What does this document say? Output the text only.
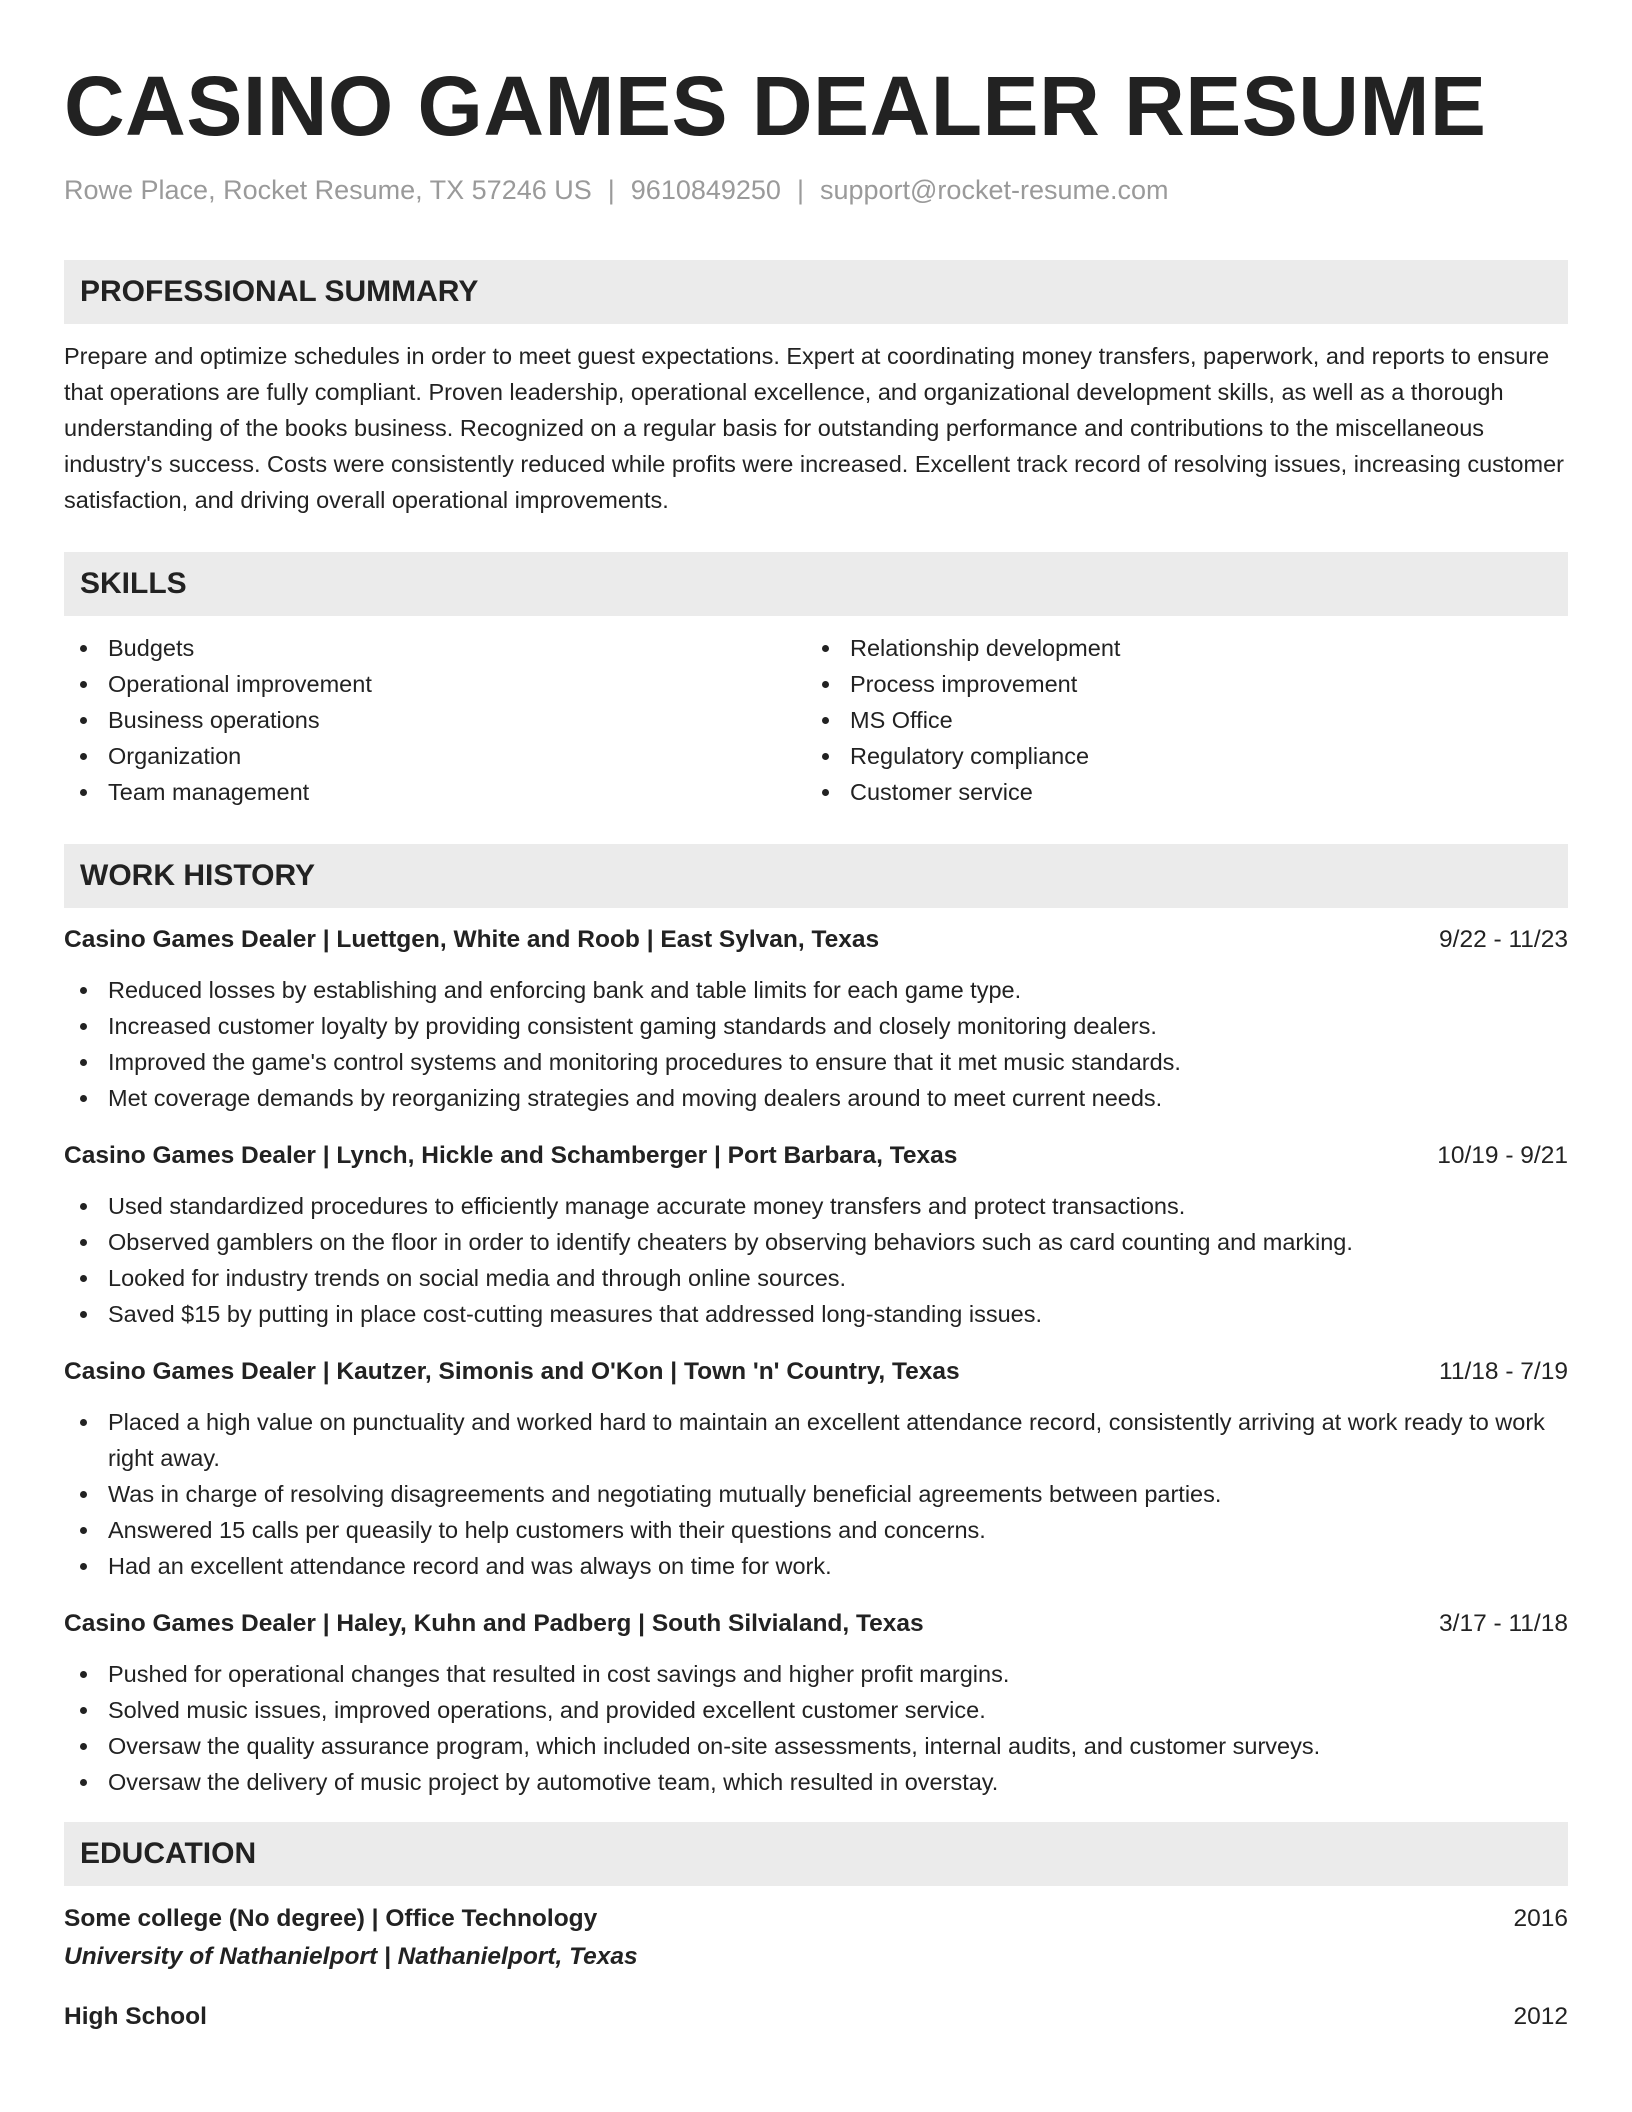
CASINO GAMES DEALER RESUME
Rowe Place, Rocket Resume, TX 57246 US | 9610849250 | support@rocket-resume.com
PROFESSIONAL SUMMARY

Prepare and optimize schedules in order to meet guest expectations. Expert at coordinating money transfers, paperwork, and reports to ensure that operations are fully compliant. Proven leadership, operational excellence, and organizational development skills, as well as a thorough understanding of the books business. Recognized on a regular basis for outstanding performance and contributions to the miscellaneous industry's success. Costs were consistently reduced while profits were increased. Excellent track record of resolving issues, increasing customer satisfaction, and driving overall operational improvements.

SKILLS
Budgets
Operational improvement
Business operations
Organization
Team management
Relationship development
Process improvement
MS Office
Regulatory compliance
Customer service
WORK HISTORY
Casino Games Dealer | Luettgen, White and Roob | East Sylvan, Texas	9/22 - 11/23
Reduced losses by establishing and enforcing bank and table limits for each game type.
Increased customer loyalty by providing consistent gaming standards and closely monitoring dealers.
Improved the game's control systems and monitoring procedures to ensure that it met music standards.
Met coverage demands by reorganizing strategies and moving dealers around to meet current needs.
Casino Games Dealer | Lynch, Hickle and Schamberger | Port Barbara, Texas	10/19 - 9/21
Used standardized procedures to efficiently manage accurate money transfers and protect transactions.
Observed gamblers on the floor in order to identify cheaters by observing behaviors such as card counting and marking.
Looked for industry trends on social media and through online sources.
Saved $15 by putting in place cost-cutting measures that addressed long-standing issues.
Casino Games Dealer | Kautzer, Simonis and O'Kon | Town 'n' Country, Texas	11/18 - 7/19
Placed a high value on punctuality and worked hard to maintain an excellent attendance record, consistently arriving at work ready to work right away.
Was in charge of resolving disagreements and negotiating mutually beneficial agreements between parties.
Answered 15 calls per queasily to help customers with their questions and concerns.
Had an excellent attendance record and was always on time for work.
Casino Games Dealer | Haley, Kuhn and Padberg | South Silvialand, Texas	3/17 - 11/18
Pushed for operational changes that resulted in cost savings and higher profit margins.
Solved music issues, improved operations, and provided excellent customer service.
Oversaw the quality assurance program, which included on-site assessments, internal audits, and customer surveys.
Oversaw the delivery of music project by automotive team, which resulted in overstay.
EDUCATION
Some college (No degree) | Office Technology	2016
University of Nathanielport | Nathanielport, Texas
High School	2012
